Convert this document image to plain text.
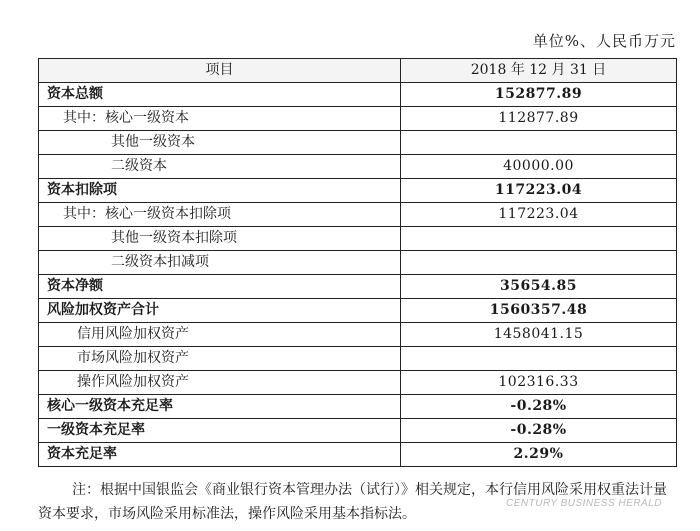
单位%、人民币万元
项目	2018 年 12 月 31 日
资本总额	152877.89
其中：核心一级资本	112877.89
其他一级资本	
二级资本	40000.00
资本扣除项	117223.04
其中：核心一级资本扣除项	117223.04
其他一级资本扣除项	
二级资本扣减项	
资本净额	35654.85
风险加权资产合计	1560357.48
信用风险加权资产	1458041.15
市场风险加权资产	
操作风险加权资产	102316.33
核心一级资本充足率	-0.28%
一级资本充足率	-0.28%
资本充足率	2.29%
注：根据中国银监会《商业银行资本管理办法（试行）》相关规定，本行信用风险采用权重法计量资本要求，市场风险采用标准法，操作风险采用基本指标法。
CENTURY BUSINESS HERALD
